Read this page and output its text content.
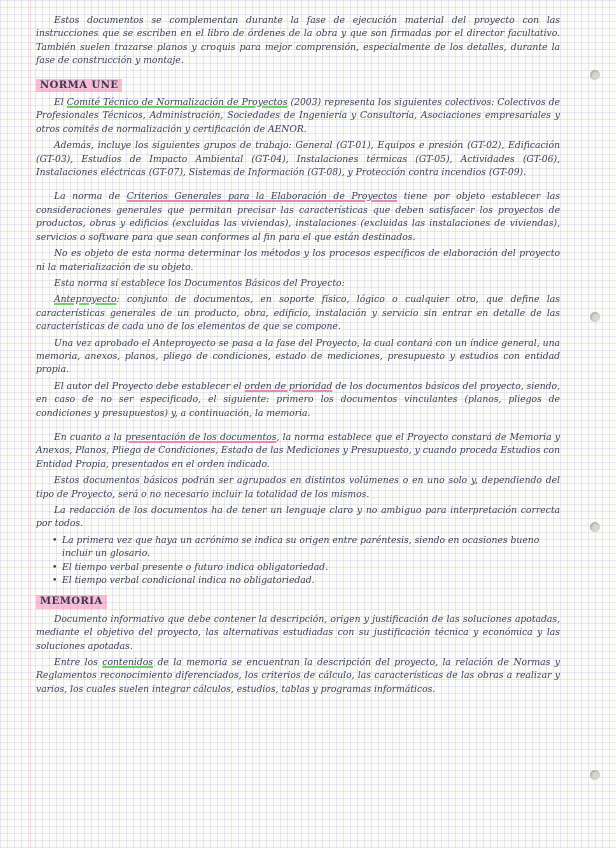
Estos documentos se complementan durante la fase de ejecución material del proyecto con las instrucciones que se escriben en el libro de órdenes de la obra y que son firmadas por el director facultativo. También suelen trazarse planos y croquis para mejor comprensión, especialmente de los detalles, durante la fase de construcción y montaje.

NORMA UNE

El Comité Técnico de Normalización de Proyectos (2003) representa los siguientes colectivos: Colectivos de Profesionales Técnicos, Administración, Sociedades de Ingeniería y Consultoría, Asociaciones empresariales y otros comités de normalización y certificación de AENOR.

Además, incluye los siguientes grupos de trabajo: General (GT-01), Equipos e presión (GT-02), Edificación (GT-03), Estudios de Impacto Ambiental (GT-04), Instalaciones térmicas (GT-05), Actividades (GT-06), Instalaciones eléctricas (GT-07), Sistemas de Información (GT-08), y Protección contra incendios (GT-09).

La norma de Criterios Generales para la Elaboración de Proyectos tiene por objeto establecer las consideraciones generales que permitan precisar las características que deben satisfacer los proyectos de productos, obras y edificios (excluidas las viviendas), instalaciones (excluidas las instalaciones de viviendas), servicios o software para que sean conformes al fin para el que están destinados.

No es objeto de esta norma determinar los métodos y los procesos específicos de elaboración del proyecto ni la materialización de su objeto.

Esta norma sí establece los Documentos Básicos del Proyecto:

Anteproyecto: conjunto de documentos, en soporte físico, lógico o cualquier otro, que define las características generales de un producto, obra, edificio, instalación y servicio sin entrar en detalle de las características de cada uno de los elementos de que se compone.

Una vez aprobado el Anteproyecto se pasa a la fase del Proyecto, la cual contará con un índice general, una memoria, anexos, planos, pliego de condiciones, estado de mediciones, presupuesto y estudios con entidad propia.

El autor del Proyecto debe establecer el orden de prioridad de los documentos básicos del proyecto, siendo, en caso de no ser especificado, el siguiente: primero los documentos vinculantes (planos, pliegos de condiciones y presupuestos) y, a continuación, la memoria.

En cuanto a la presentación de los documentos, la norma establece que el Proyecto constará de Memoria y Anexos, Planos, Pliego de Condiciones, Estado de las Mediciones y Presupuesto, y cuando proceda Estudios con Entidad Propia, presentados en el orden indicado.

Estos documentos básicos podrán ser agrupados en distintos volúmenes o en uno solo y, dependiendo del tipo de Proyecto, será o no necesario incluir la totalidad de los mismos.

La redacción de los documentos ha de tener un lenguaje claro y no ambiguo para interpretación correcta por todos.

• La primera vez que haya un acrónimo se indica su origen entre paréntesis, siendo en ocasiones bueno incluir un glosario.
• El tiempo verbal presente o futuro indica obligatoriedad.
• El tiempo verbal condicional indica no obligatoriedad.
MEMORIA

Documento informativo que debe contener la descripción, origen y justificación de las soluciones apotadas, mediante el objetivo del proyecto, las alternativas estudiadas con su justificación técnica y económica y las soluciones apotadas.

Entre los contenidos de la memoria se encuentran la descripción del proyecto, la relación de Normas y Reglamentos reconocimiento diferenciados, los criterios de cálculo, las características de las obras a realizar y varios, los cuales suelen integrar cálculos, estudios, tablas y programas informáticos.
